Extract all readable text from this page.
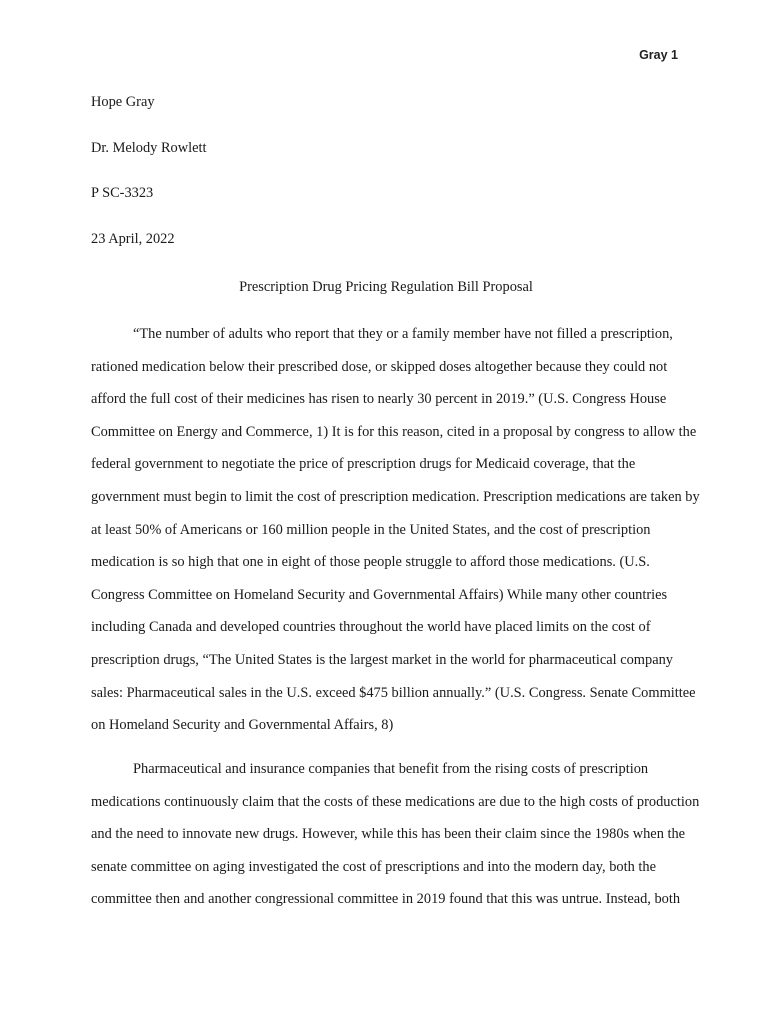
Gray 1
Hope Gray
Dr. Melody Rowlett
P SC-3323
23 April, 2022
Prescription Drug Pricing Regulation Bill Proposal
“The number of adults who report that they or a family member have not filled a prescription,
rationed medication below their prescribed dose, or skipped doses altogether because they could not
afford the full cost of their medicines has risen to nearly 30 percent in 2019.” (U.S. Congress House
Committee on Energy and Commerce, 1) It is for this reason, cited in a proposal by congress to allow the
federal government to negotiate the price of prescription drugs for Medicaid coverage, that the
government must begin to limit the cost of prescription medication. Prescription medications are taken by
at least 50% of Americans or 160 million people in the United States, and the cost of prescription
medication is so high that one in eight of those people struggle to afford those medications. (U.S.
Congress Committee on Homeland Security and Governmental Affairs) While many other countries
including Canada and developed countries throughout the world have placed limits on the cost of
prescription drugs, “The United States is the largest market in the world for pharmaceutical company
sales: Pharmaceutical sales in the U.S. exceed $475 billion annually.” (U.S. Congress. Senate Committee
on Homeland Security and Governmental Affairs, 8)
Pharmaceutical and insurance companies that benefit from the rising costs of prescription
medications continuously claim that the costs of these medications are due to the high costs of production
and the need to innovate new drugs. However, while this has been their claim since the 1980s when the
senate committee on aging investigated the cost of prescriptions and into the modern day, both the
committee then and another congressional committee in 2019 found that this was untrue. Instead, both
